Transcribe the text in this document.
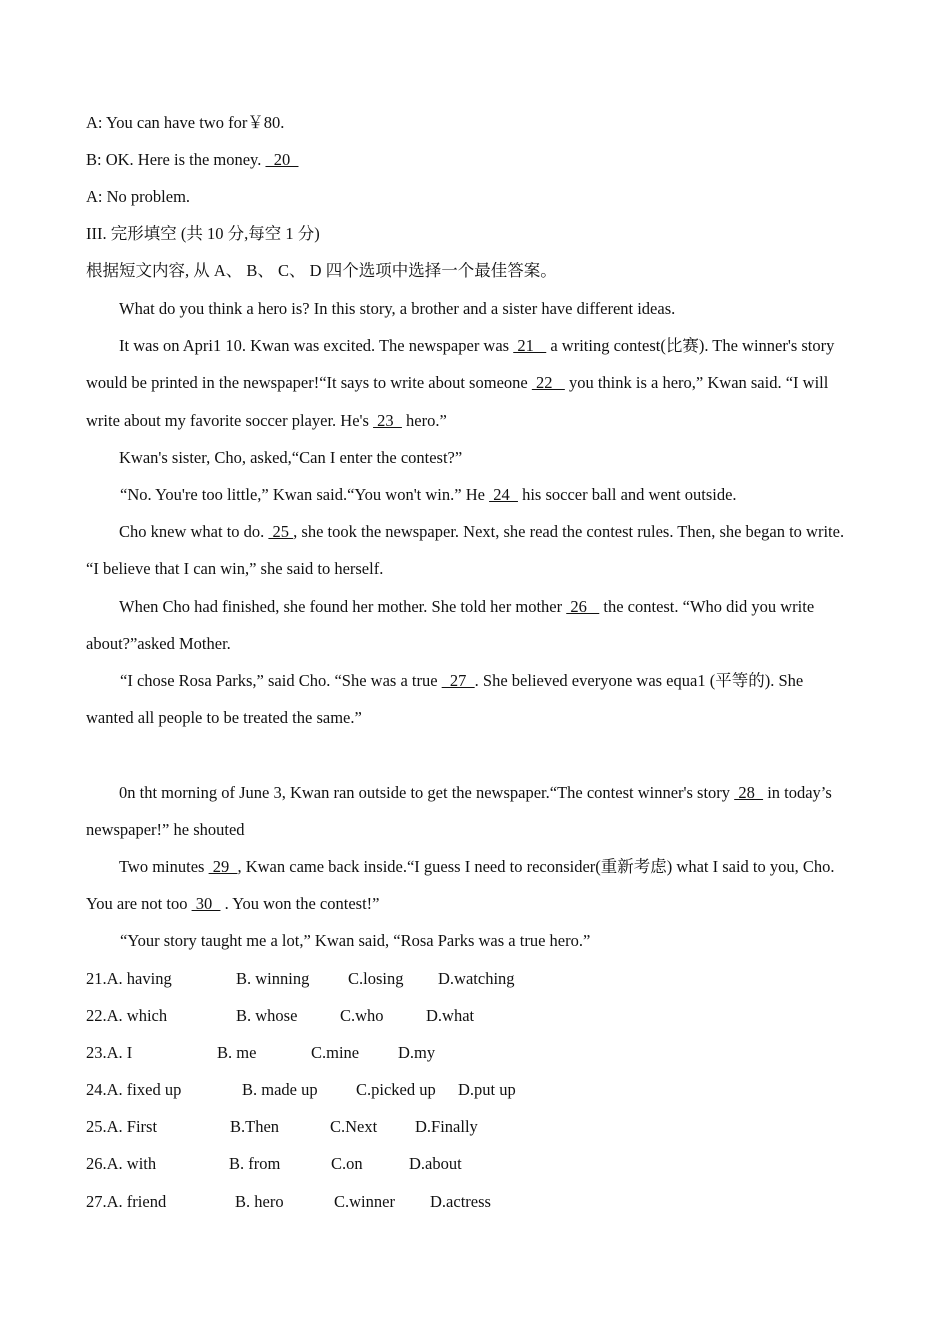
A: You can have two for￥80.
B: OK. Here is the money.   20
A: No problem.
III. 完形填空 (共 10 分,每空 1 分)
根据短文内容, 从 A、 B、 C、 D 四个选项中选择一个最佳答案。
What do you think a hero is? In this story, a brother and a sister have different ideas.
It was on Apri1 10. Kwan was excited. The newspaper was  21    a writing contest(比赛). The winner's story
would be printed in the newspaper!“It says to write about someone  22    you think is a hero,” Kwan said. “I will
write about my favorite soccer player. He's  23   hero.”
Kwan's sister, Cho, asked,“Can I enter the contest?”
“No. You're too little,” Kwan said.“You won't win.” He  24   his soccer ball and went outside.
Cho knew what to do.  25 , she took the newspaper. Next, she read the contest rules. Then, she began to write.
“I believe that I can win,” she said to herself.
When Cho had finished, she found her mother. She told her mother  26    the contest. “Who did you write
about?”asked Mother.
“I chose Rosa Parks,” said Cho. “She was a true   27  . She believed everyone was equa1 (平等的). She
wanted all people to be treated the same.”
0n tht morning of June 3, Kwan ran outside to get the newspaper.“The contest winner's story  28   in today’s
newspaper!” he shouted
Two minutes  29  , Kwan came back inside.“I guess I need to reconsider(重新考虑) what I said to you, Cho.
You are not too  30   . You won the contest!”
“Your story taught me a lot,” Kwan said, “Rosa Parks was a true hero.”
21.A. having	B. winning C.losing D.watching
22.A. which	B. whose	C.who	D.what
23.A. I	B. me	C.mine D.my
24.A. fixed up	B. made up C.picked up D.put up
25.A. First	B.Then	C.Next D.Finally
26.A. with	B. from	C.on	D.about
27.A. friend	B. hero	C.winner D.actress
